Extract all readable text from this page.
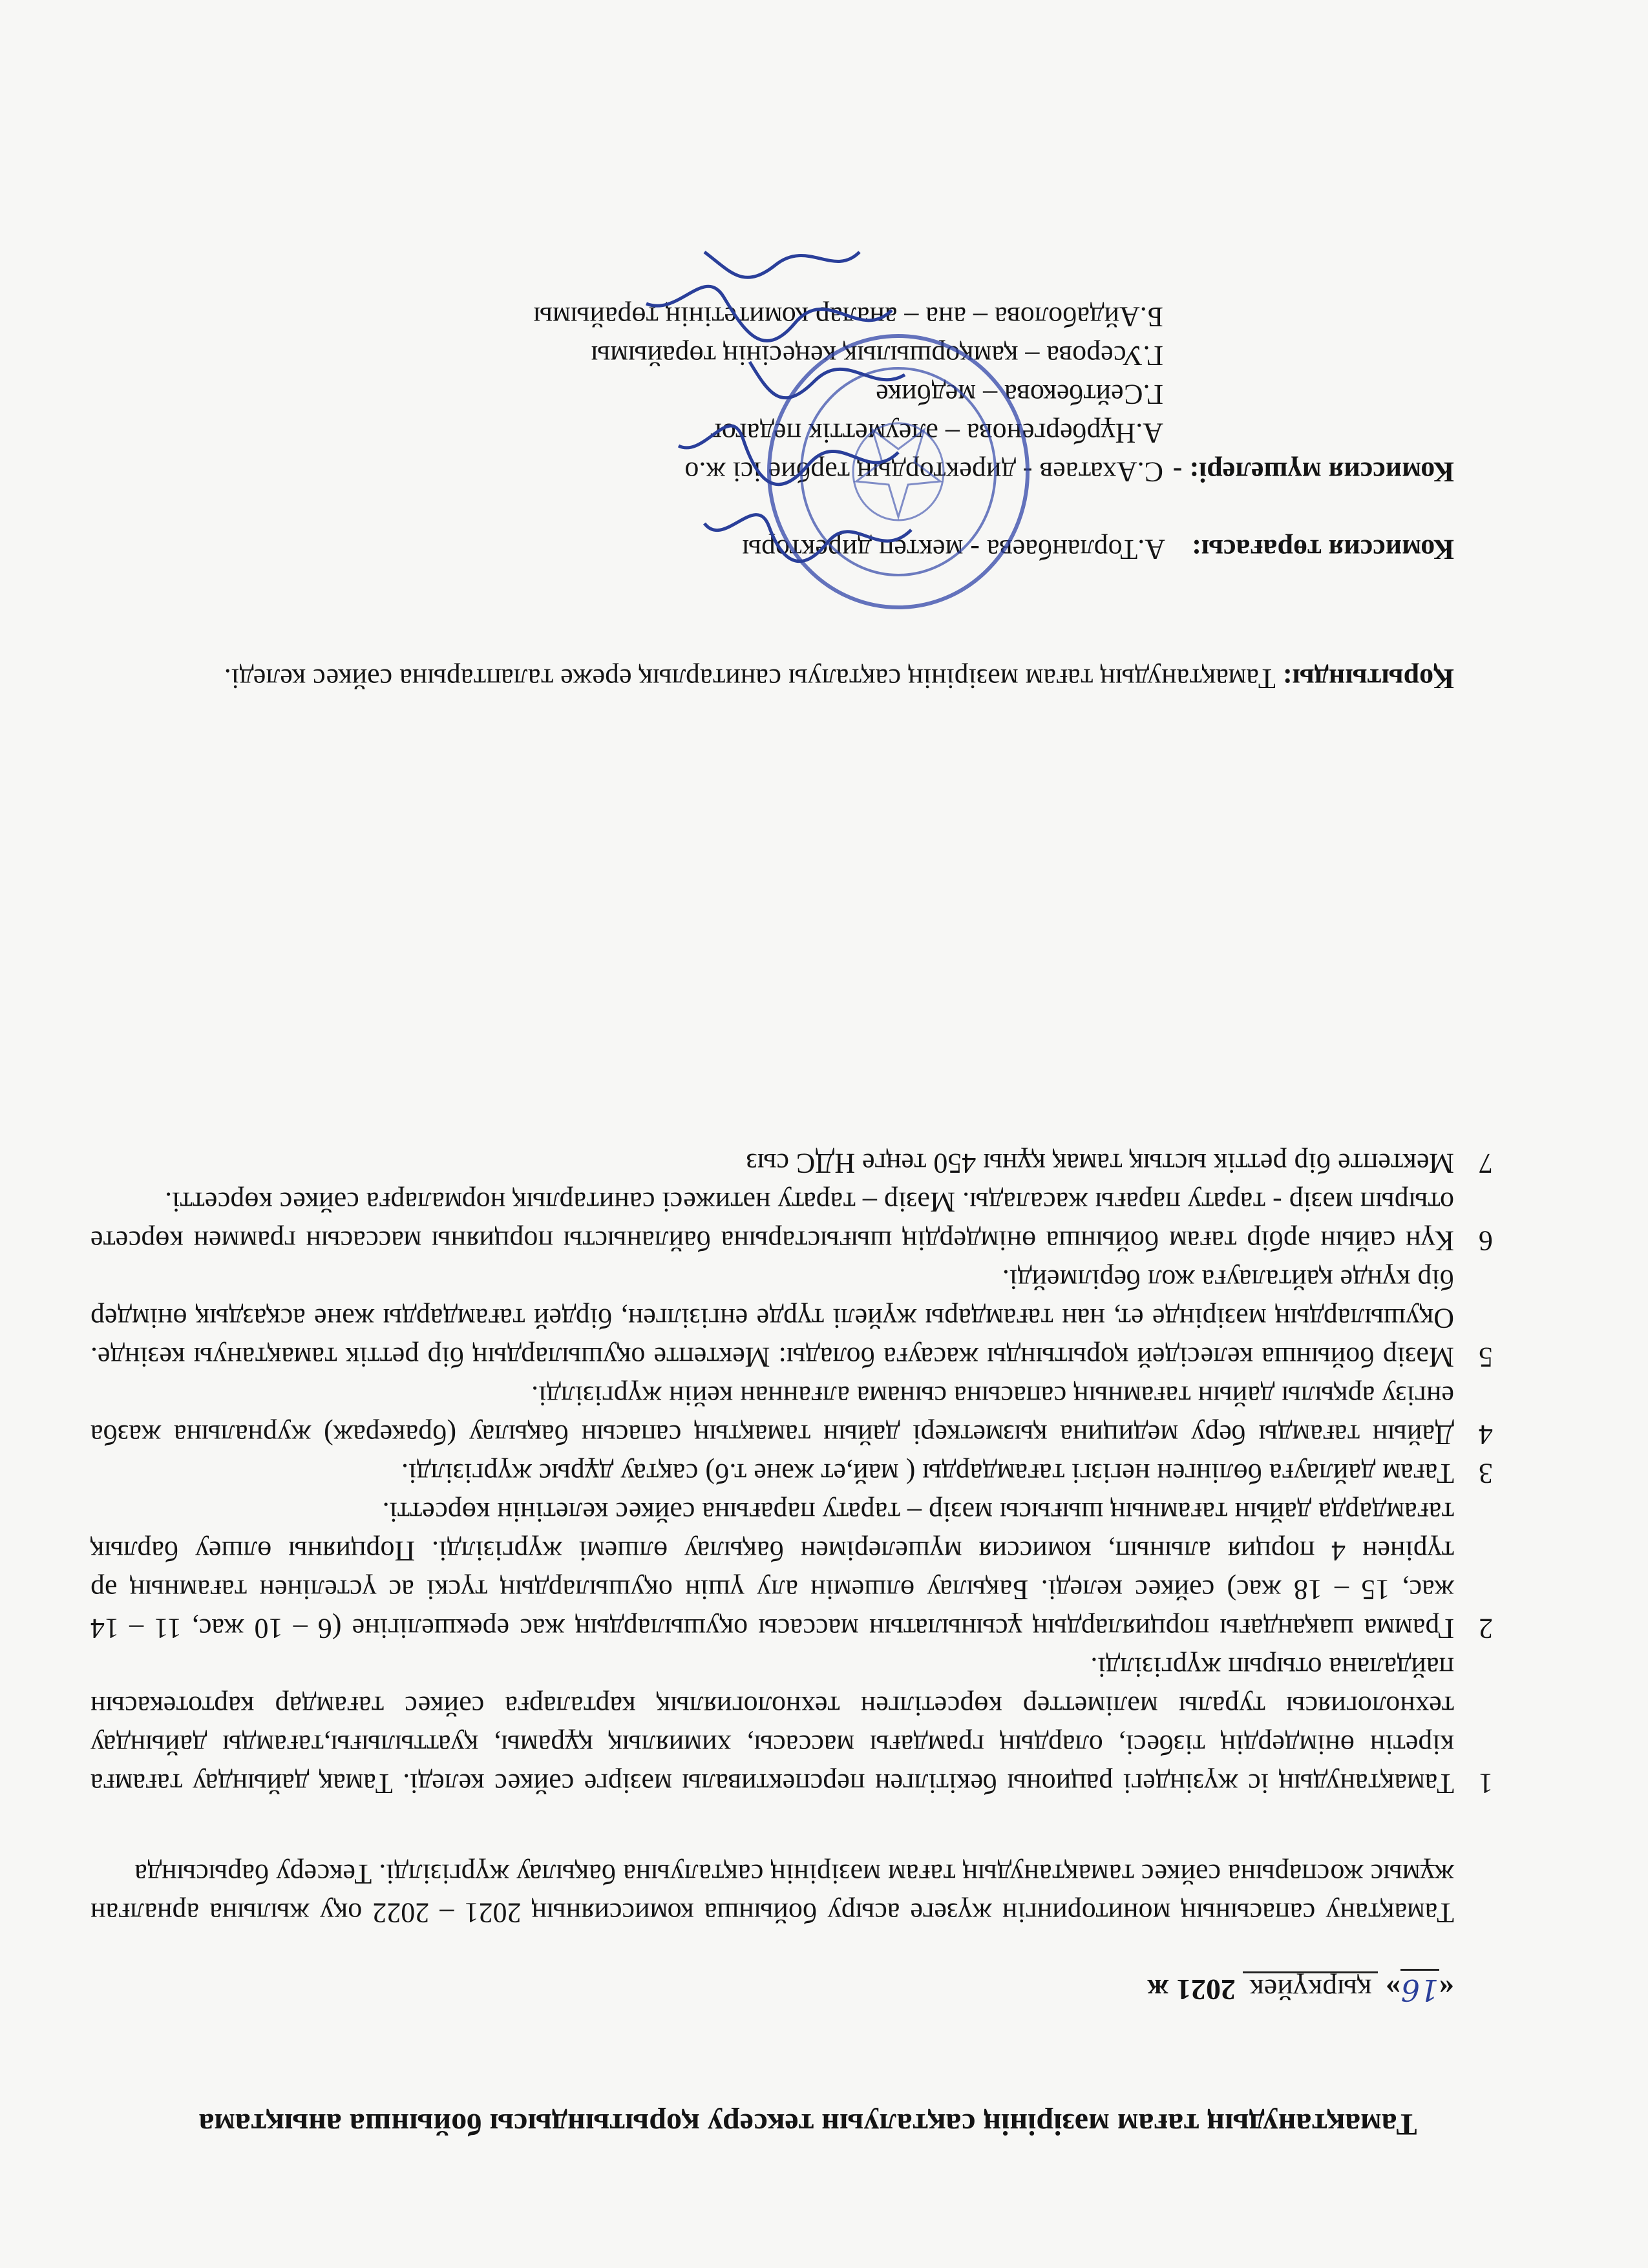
Тамақтанудың тағам мәзірінің сақталуын тексеру қорытындысы бойынша анықтама
«16» қыркүйек 2021 ж
Тамақтану сапасының мониторингін жүзеге асыру бойынша комиссияның 2021 – 2022 оқу жылына арналған жұмыс жоспарына сәйкес тамақтанудың тағам мәзірінің сақталуына бақылау жүргізілді. Тексеру барысында
1
Тамақтанудың іс жүзіндегі рационы бекітілген перспективалы мәзірге сәйкес келеді. Тамақ дайындау тағамға кіретін өнімдердің тізбесі, олардың грамдағы массасы, химиялық құрамы, қуаттылығы,тағамды дайындау технологиясы туралы мәліметтер көрсетілген технологиялық карталарға сәйкес тағамдар картотекасын пайдалана отырып жүргізілді.
2
Грамма шақандағы порциялардың ұсынылатын массасы оқушылардың жас ерекшелігіне (6 – 10 жас, 11 – 14 жас, 15 – 18 жас) сәйкес келеді. Бақылау өлшемін алу үшін оқушылардың түскі ас үстелінен тағамның әр түрінен 4 порция алынып, комиссия мүшелерімен бақылау өлшемі жүргізілді. Порцияны өлшеу барлық тағамдарда дайын тағамның шығысы мәзір – тарату парағына сәйкес келетінін көрсетті.
3
Тағам дайлауға бөлінген негізгі тағамдарды ( май,ет және т.б) сақтау дұрыс жүргізілді.
4
Дайын тағамды беру медицина қызметкері дайын тамақтың сапасын бақылау (бракераж) журналына жазба енгізу арқылы дайын тағамның сапасына сынама алғаннан кейін жүргізілді.
5
Мәзір бойынша келесідей қорытынды жасауға болады: Мектепте оқушылардың бір реттік тамақтануы кезінде. Оқушылардың мәзірінде ет, нан тағамдары жүйелі түрде енгізілген, бірдей тағамдарды және асқаздық өнімдер бір күнде қайталауға жол берілмейді.
6
Күн сайын әрбір тағам бойынша өнімдердің шығыстарына байланысты порцияны массасын граммен көрсете отырып мәзір - тарату парағы жасалады. Мәзір – тарату нәтижесі санитарлық нормаларға сәйкес көрсетті.
7
Мектепте бір реттік ыстық тамақ құны 450 теңге НДС сыз
Қорытынды: Тамақтанудың тағам мәзірінің сақталуы санитарлық ереже талаптарына сәйкес келеді.
Комиссия төрағасы: А.Торланбаева - мектеп директоры
Комиссия мүшелері: -
С.Ахатаев - директордың тәрбие ісі ж.о
А.Нұрбергенова – әлеуметтік педагог
Г.Сейтбекова – медбике
Г.Усерова – қамқоршылық кеңесінің төрайымы
Б.Айдаболова – ана – аналар комитетінің төрайымы
